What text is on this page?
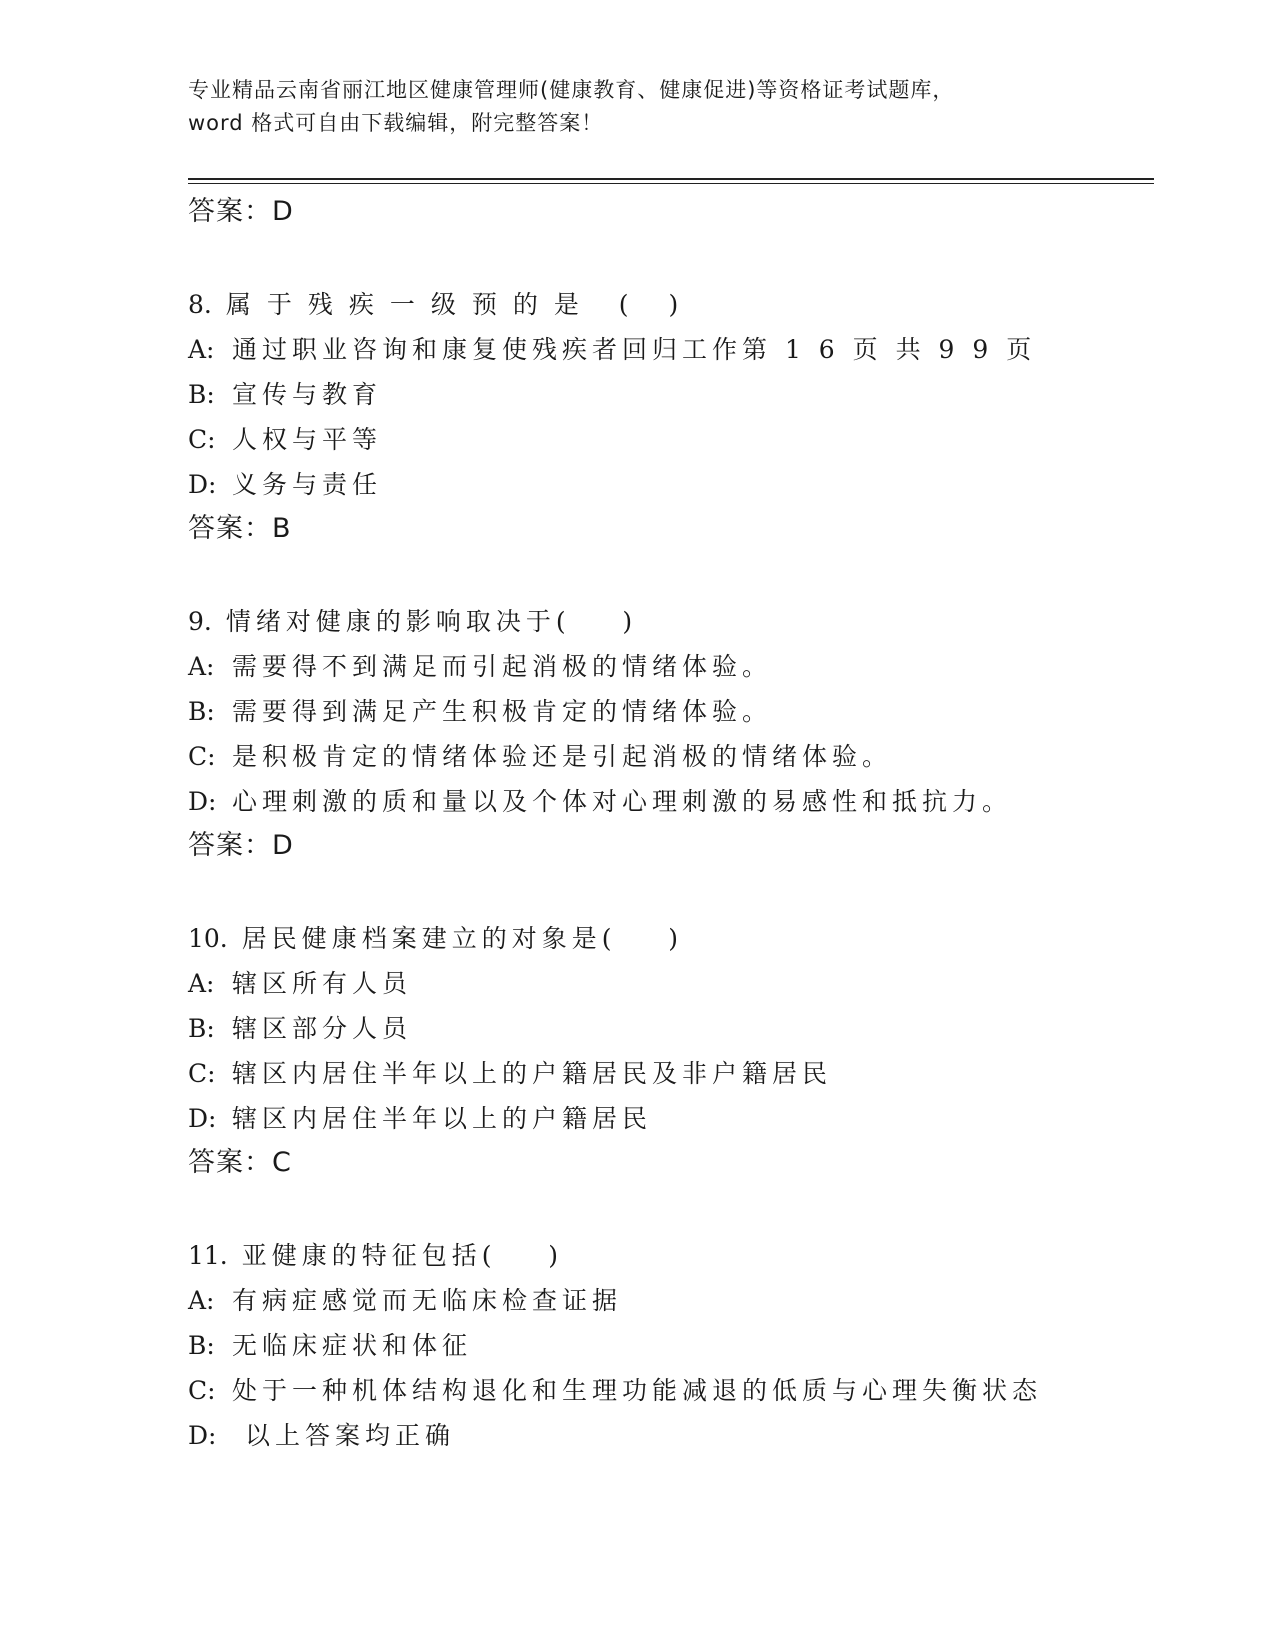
专业精品云南省丽江地区健康管理师(健康教育、健康促进)等资格证考试题库，
word 格式可自由下载编辑，附完整答案！
答案：D
8. 属于残疾一级预的是 ( )
A: 通过职业咨询和康复使残疾者回归工作第 1 6 页 共 9 9 页
B: 宣传与教育
C: 人权与平等
D: 义务与责任
答案：B
9. 情绪对健康的影响取决于(    )
A: 需要得不到满足而引起消极的情绪体验。
B: 需要得到满足产生积极肯定的情绪体验。
C: 是积极肯定的情绪体验还是引起消极的情绪体验。
D: 心理刺激的质和量以及个体对心理刺激的易感性和抵抗力。
答案：D
10. 居民健康档案建立的对象是(    )
A: 辖区所有人员
B: 辖区部分人员
C: 辖区内居住半年以上的户籍居民及非户籍居民
D: 辖区内居住半年以上的户籍居民
答案：C
11. 亚健康的特征包括(    )
A: 有病症感觉而无临床检查证据
B: 无临床症状和体征
C: 处于一种机体结构退化和生理功能减退的低质与心理失衡状态
D: 以上答案均正确
